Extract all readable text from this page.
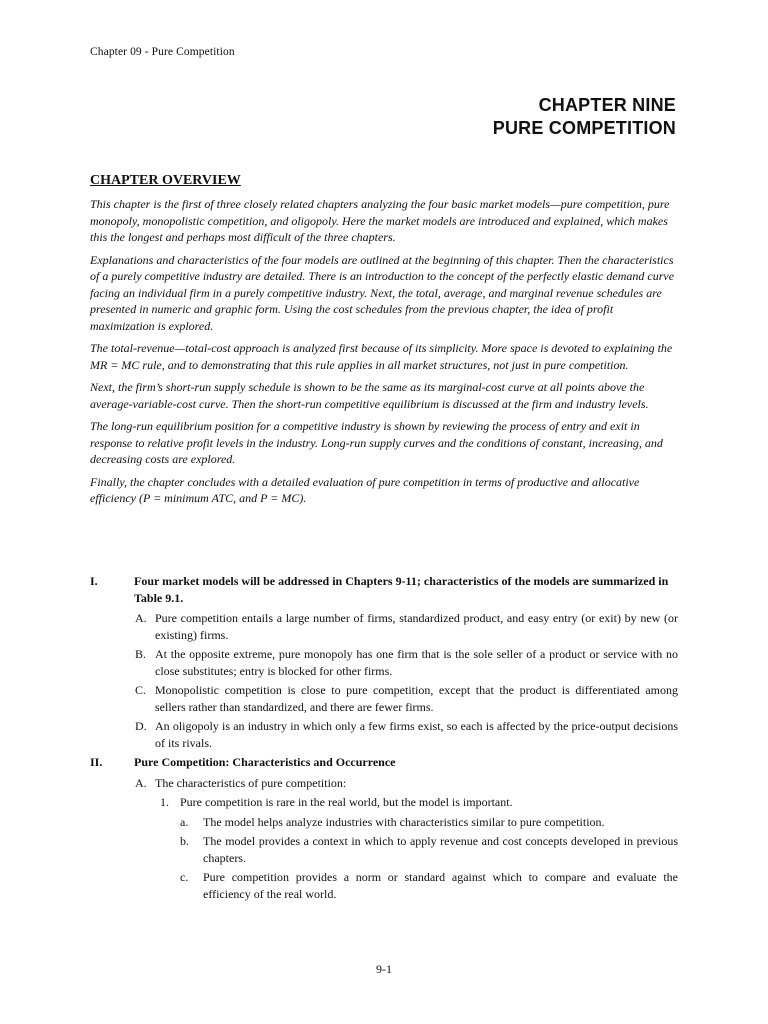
Chapter 09 - Pure Competition
CHAPTER NINE
PURE COMPETITION
CHAPTER OVERVIEW

This chapter is the first of three closely related chapters analyzing the four basic market models—pure competition, pure monopoly, monopolistic competition, and oligopoly. Here the market models are introduced and explained, which makes this the longest and perhaps most difficult of the three chapters.

Explanations and characteristics of the four models are outlined at the beginning of this chapter. Then the characteristics of a purely competitive industry are detailed. There is an introduction to the concept of the perfectly elastic demand curve facing an individual firm in a purely competitive industry. Next, the total, average, and marginal revenue schedules are presented in numeric and graphic form. Using the cost schedules from the previous chapter, the idea of profit maximization is explored.

The total-revenue—total-cost approach is analyzed first because of its simplicity. More space is devoted to explaining the MR = MC rule, and to demonstrating that this rule applies in all market structures, not just in pure competition.

Next, the firm’s short-run supply schedule is shown to be the same as its marginal-cost curve at all points above the average-variable-cost curve. Then the short-run competitive equilibrium is discussed at the firm and industry levels.

The long-run equilibrium position for a competitive industry is shown by reviewing the process of entry and exit in response to relative profit levels in the industry. Long-run supply curves and the conditions of constant, increasing, and decreasing costs are explored.

Finally, the chapter concludes with a detailed evaluation of pure competition in terms of productive and allocative efficiency (P = minimum ATC, and P = MC).

I.	Four market models will be addressed in Chapters 9-11; characteristics of the models are summarized in Table 9.1.
A. Pure competition entails a large number of firms, standardized product, and easy entry (or exit) by new (or existing) firms.
B. At the opposite extreme, pure monopoly has one firm that is the sole seller of a product or service with no close substitutes; entry is blocked for other firms.
C. Monopolistic competition is close to pure competition, except that the product is differentiated among sellers rather than standardized, and there are fewer firms.
D. An oligopoly is an industry in which only a few firms exist, so each is affected by the price-output decisions of its rivals.
II.	Pure Competition: Characteristics and Occurrence
A. The characteristics of pure competition:
1. Pure competition is rare in the real world, but the model is important.
a. The model helps analyze industries with characteristics similar to pure competition.
b. The model provides a context in which to apply revenue and cost concepts developed in previous chapters.
c. Pure competition provides a norm or standard against which to compare and evaluate the efficiency of the real world.
9-1
